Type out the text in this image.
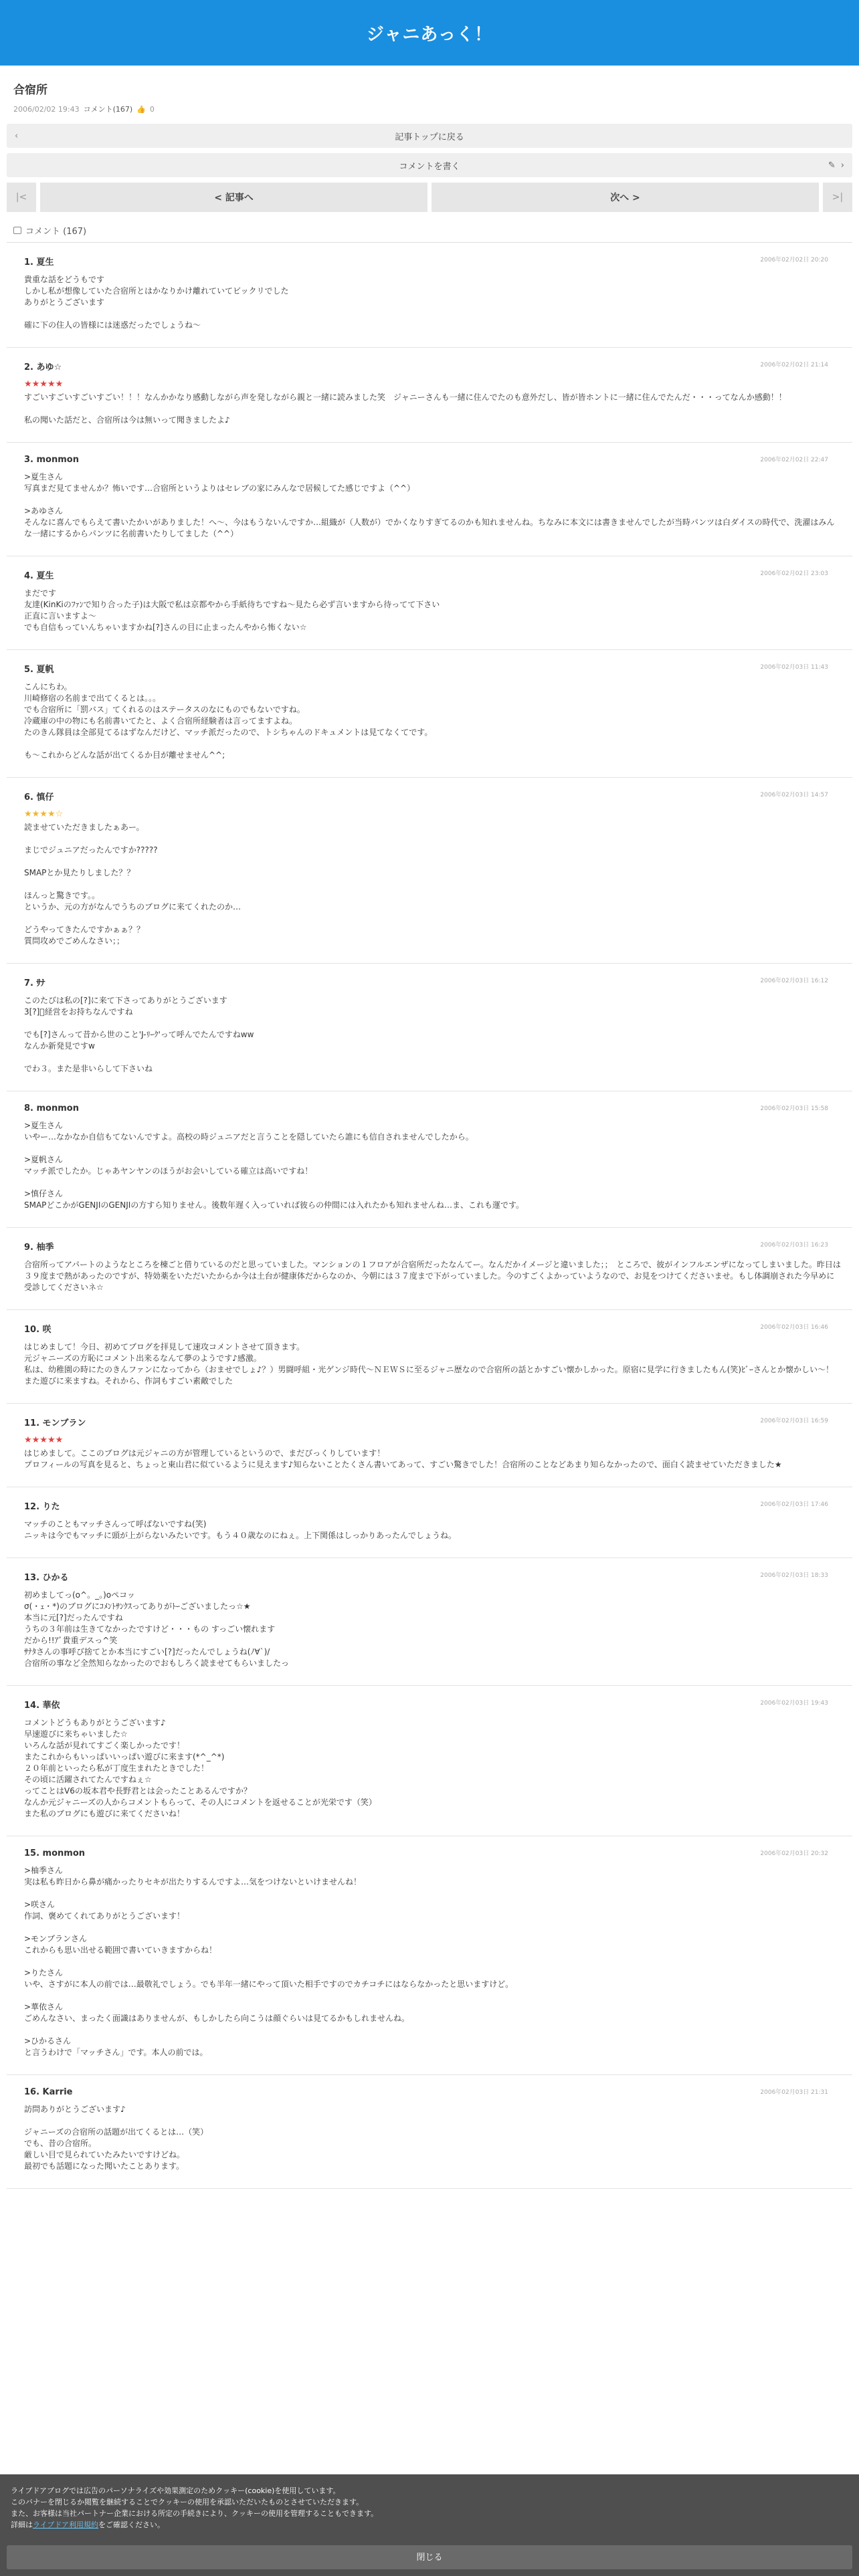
ジャニあっく！
合宿所
2006/02/02 19:43 コメント(167) 👍 0
‹	記事トップに戻る
コメントを書く	✎ ›
|<	< 記事へ	次へ >	>|
コメント (167)
1. 夏生	2006年02月02日 20:20
貴重な話をどうもです
しかし私が想像していた合宿所とはかなりかけ離れていてビックリでした
ありがとうございます

確に下の住人の皆様には迷惑だったでしょうね〜
2. あゆ☆	2006年02月02日 21:14
★★★★★
すごいすごいすごいすごい！！！なんかかなり感動しながら声を発しながら親と一緒に読みました笑　ジャニーさんも一緒に住んでたのも意外だし、皆が皆ホントに一緒に住んでたんだ・・・ってなんか感動！！

私の聞いた話だと、合宿所は今は無いって聞きましたよ♪
3. monmon	2006年02月02日 22:47
>夏生さん
写真まだ見てませんか？怖いです…合宿所というよりはセレブの家にみんなで居候してた感じですよ（^^）

>あゆさん
そんなに喜んでもらえて書いたかいがありました！へ〜、今はもうないんですか…組織が（人数が）でかくなりすぎてるのかも知れませんね。ちなみに本文には書きませんでしたが当時パンツは白ダイスの時代で、洗濯はみんな一緒にするからパンツに名前書いたりしてました（^^）
4. 夏生	2006年02月02日 23:03
まだです
友達(KinKiのﾌｧﾝで知り合った子)は大阪で私は京都やから手紙待ちですね〜見たら必ず言いますから待ってて下さい
正直に言いますよ〜
でも自信もっていんちゃいますかね[?]さんの目に止まったんやから怖くない☆
5. 夏帆	2006年02月03日 11:43
こんにちわ。
川崎修宿の名前まで出てくるとは。。。
でも合宿所に「罰バス」てくれるのはステータスのなにものでもないですね。
冷蔵庫の中の物にも名前書いてたと、よく合宿所経験者は言ってますよね。
たのきん隊員は全部見てるはずなんだけど、マッチ派だったので、トシちゃんのドキュメントは見てなくてです。

も〜これからどんな話が出てくるか目が離せません^^;
6. 慎仔	2006年02月03日 14:57
★★★★☆
読ませていただきましたぁあー。

まじでジュニアだったんですか?????

SMAPとか見たりしました？？

ほんっと驚きです。。
というか、元の方がなんでうちのブログに来てくれたのか…

どうやってきたんですかぁぁ？？
質問攻めでごめんなさい；；
7. ｻﾅ	2006年02月03日 16:12
このたびは私の[?]に来て下さってありがとうございます
3[?]ﾞ経営をお持ちなんですね

でも[?]さんって昔から世のこと'J-ﾘｰｸ'って呼んでたんですねww
なんか新発見ですw

でわ３。また是非いらして下さいね
8. monmon	2006年02月03日 15:58
>夏生さん
いやー…なかなか自信もてないんですよ。高校の時ジュニアだと言うことを隠していたら誰にも信自されませんでしたから。

>夏帆さん
マッチ派でしたか。じゃあヤンヤンのほうがお会いしている確立は高いですね！

>慎仔さん
SMAPどこかがGENJIのGENJIの方すら知りません。後数年遅く入っていれば彼らの仲間には入れたかも知れませんね…ま、これも運です。
9. 柚季	2006年02月03日 16:23
合宿所ってアパートのようなところを棟ごと借りているのだと思っていました。マンションの１フロアが合宿所だったなんてー。なんだかイメージと違いました；；　ところで、彼がインフルエンザになってしまいました。昨日は３９度まで熱があったのですが、特効薬をいただいたからか今は土台が健康体だからなのか、今朝には３７度まで下がっていました。今のすごくよかっていようなので、お見をつけてくださいませ。もし体調崩された今早めに受診してくださいネ☆
10. 咲	2006年02月03日 16:46
はじめまして！今日、初めてブログを拝見して速攻コメントさせて頂きます。
元ジャニーズの方恥にコメント出来るなんて夢のようです♪感激。
私は、幼稚園の時にたのきんファンになってから（おませでしょ♪？）男闘呼組・光ゲンジ時代〜ＮＥＷＳに至るジャニ歴なので合宿所の話とかすごい懐かしかった。原宿に見学に行きましたもん(笑)ﾋﾞｰさんとか懐かしい〜！
また遊びに来ますね。それから、作詞もすごい素敵でした
11. モンブラン	2006年02月03日 16:59
★★★★★
はじめまして。ここのブログは元ジャニの方が管理しているというので、まだびっくりしています！
プロフィールの写真を見ると、ちょっと東山君に似ているように見えます♪知らないことたくさん書いてあって、すごい驚きでした！合宿所のことなどあまり知らなかったので、面白く読ませていただきました★
12. りた	2006年02月03日 17:46
マッチのこともマッチさんって呼ばないですね(笑)
ニッキは今でもマッチに頭が上がらないみたいです。もう４０歳なのにねぇ。上下関係はしっかりあったんでしょうね。
13. ひかる	2006年02月03日 18:33
初めましてっ(o^。_。)oペコッ
σ(・ｪ・*)のブログにｺﾒﾝﾄｻﾝｸｽってありがﾄｰございましたっ☆★
本当に元[?]だったんですね
うちの３年前は生きてなかったですけど・・・もの すっごい懐れます
だから!!ｱﾞ貴重デスっ^笑
ｻﾅﾀさんの事呼び捨てとか本当にすごい[?]だったんでしょうね(ﾉ∀`)/
合宿所の事など全然知らなかったのでおもしろく読ませてもらいましたっ
14. 華依	2006年02月03日 19:43
コメントどうもありがとうございます♪
早速遊びに来ちゃいました☆
いろんな話が見れてすごく楽しかったです！
またこれからもいっぱいいっぱい遊びに来ます(*^_^*)
２０年前といったら私が丁度生まれたときでした！
その頃に活躍されてたんですねぇ☆
ってことはV6の坂本君や長野君とは会ったことあるんですか？
なんか元ジャニーズの人からコメントもらって、その人にコメントを返せることが光栄です（笑）
また私のブログにも遊びに来てくださいね！
15. monmon	2006年02月03日 20:32
>柚季さん
実は私も昨日から鼻が痛かったりセキが出たりするんですよ…気をつけないといけませんね！

>咲さん
作詞、褒めてくれてありがとうございます！

>モンブランさん
これからも思い出せる範囲で書いていきますからね！

>りたさん
いや、さすがに本人の前では…最敬礼でしょう。でも半年一緒にやって頂いた相手ですのでカチコチにはならなかったと思いますけど。

>華依さん
ごめんなさい、まったく面識はありませんが、もしかしたら向こうは顔ぐらいは見てるかもしれませんね。

>ひかるさん
と言うわけで「マッチさん」です。本人の前では。
16. Karrie	2006年02月03日 21:31
訪問ありがとうございます♪

ジャニーズの合宿所の話題が出てくるとは…（笑）
でも、昔の合宿所。
厳しい目で見られていたみたいですけどね。
最初でも話題になった聞いたことあります。
ライブドアブログでは広告のパーソナライズや効果測定のためクッキー(cookie)を使用しています。
このバナーを閉じるか閲覧を継続することでクッキーの使用を承認いただいたものとさせていただきます。
また、お客様は当社パートナー企業における所定の手続きにより、クッキーの使用を管理することもできます。
詳細はライブドア利用規約をご確認ください。
閉じる
